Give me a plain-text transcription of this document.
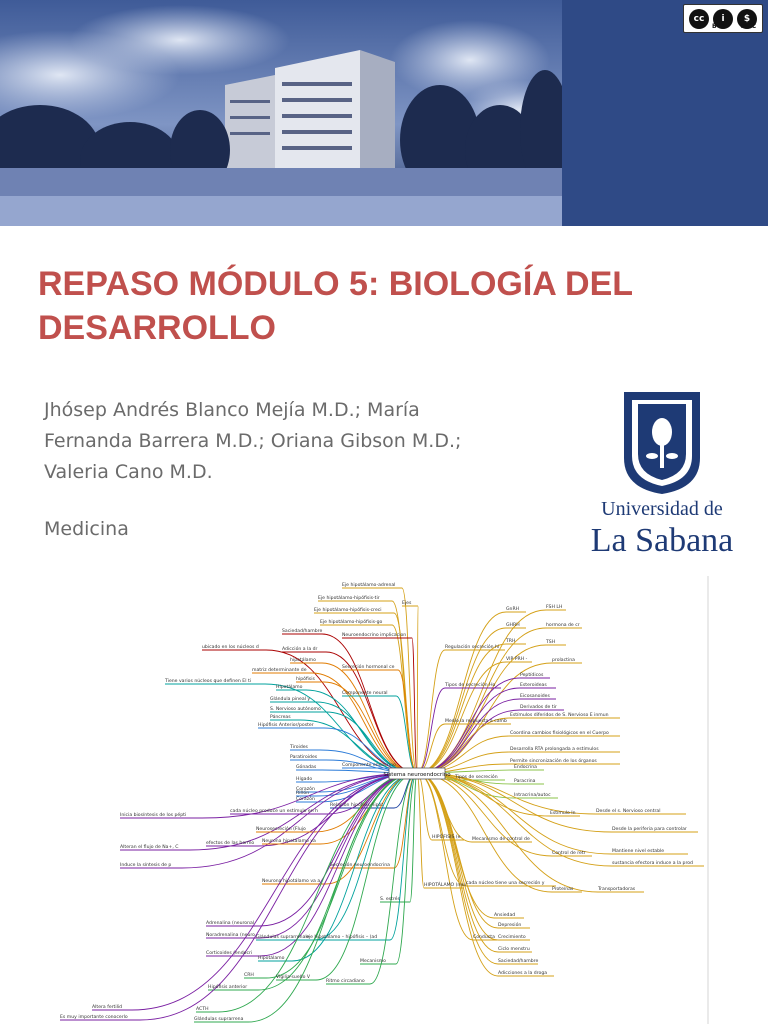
cc	i	$
BY NC
REPASO MÓDULO 5: BIOLOGÍA DEL DESARROLLO

Jhósep Andrés Blanco Mejía M.D.; María Fernanda Barrera M.D.; Oriana Gibson M.D.; Valeria Cano M.D.

Medicina

Universidad de
La Sabana
Eje hipotálamo-adrenal
Eje hipotálamo-hipófisis-tir
Eje hipotálamo-hipófisis-creci
Eje hipotálamo-hipófisis-go
Ejes
Saciedad/hambre
Neuroendocrino implicacion
Adicción a la dr
ubicado en los núcleos d
hipotálamo
Secreción hormonal ce
matriz determinante de
hipófisis
Tiene varios núcleos que definen El ti
Hipotálamo
Componente neural
Glándula pineal y
S. Nervioso autónomo
Páncreas
Hipófisis Anterior/poster
Tiroides
Paratiroides
Gónadas
Hígado
Corazón
Componente endocrino
Riñón
Corazón
Relación hipófisis-hipot
cada núcleo produce un estímulo en h
Inicia biosíntesis de los pépti
efectos de las hormo
Alteran el flujo de Na+, C
Induce la síntesis de p
Neurosecreción (Flujo
Neurona hipotálamo va
Secreción neuroendocrina
Neurona hipotálamo va a
Regulación secreción hi
GnRH	FSH LH
GHRH	hormona de cr
TRH	TSH
VIP PRH -	prolactina
Tipos de secreción Ho
Peptídicos
Esteroideas
Eicosanoides
Derivados de tir
Estímulos diferidos de S. Nervioso E inmun
Medio la respuesta a camb
Coordina cambios fisiológicos en el Cuerpo
Desarrolla RTA prolongada a estímulos
Permite sincronización de los órganos
Tipos de secreción
Endocrina
Paracrina
Intracrina/autoc
HIPÓFISIS (e
Estímulo In	Desde el s. Nervioso central
Mecanismo de control de
Desde la periferia para controlar
Control de retr	Mantiene nivel estable
sustancia efectora induce a la prod
Proteínas	Transportadoras
HIPOTÁLAMO (neu cada núcleo tiene una secreción y
Ansiedad
Depresión
Crecimiento
Conducta
Ciclo menstru
Saciedad/hambre
Adicciones a la droga
S. estrés
Adrenalina (neuronal
Noradrenalina (neuro Glándulas suprarrenale
eje hipotálamo – hipófisis – (ad
Corticoides (endocri
Hipotálamo
CRH
Mecanismo
Vigilia-sueño V
Ritmo circadiano
Hipófisis anterior
ACTH
Altera fertilid
Glándulas suprarrena
Es muy importante conocerlo
Sistema neuroendocrino
